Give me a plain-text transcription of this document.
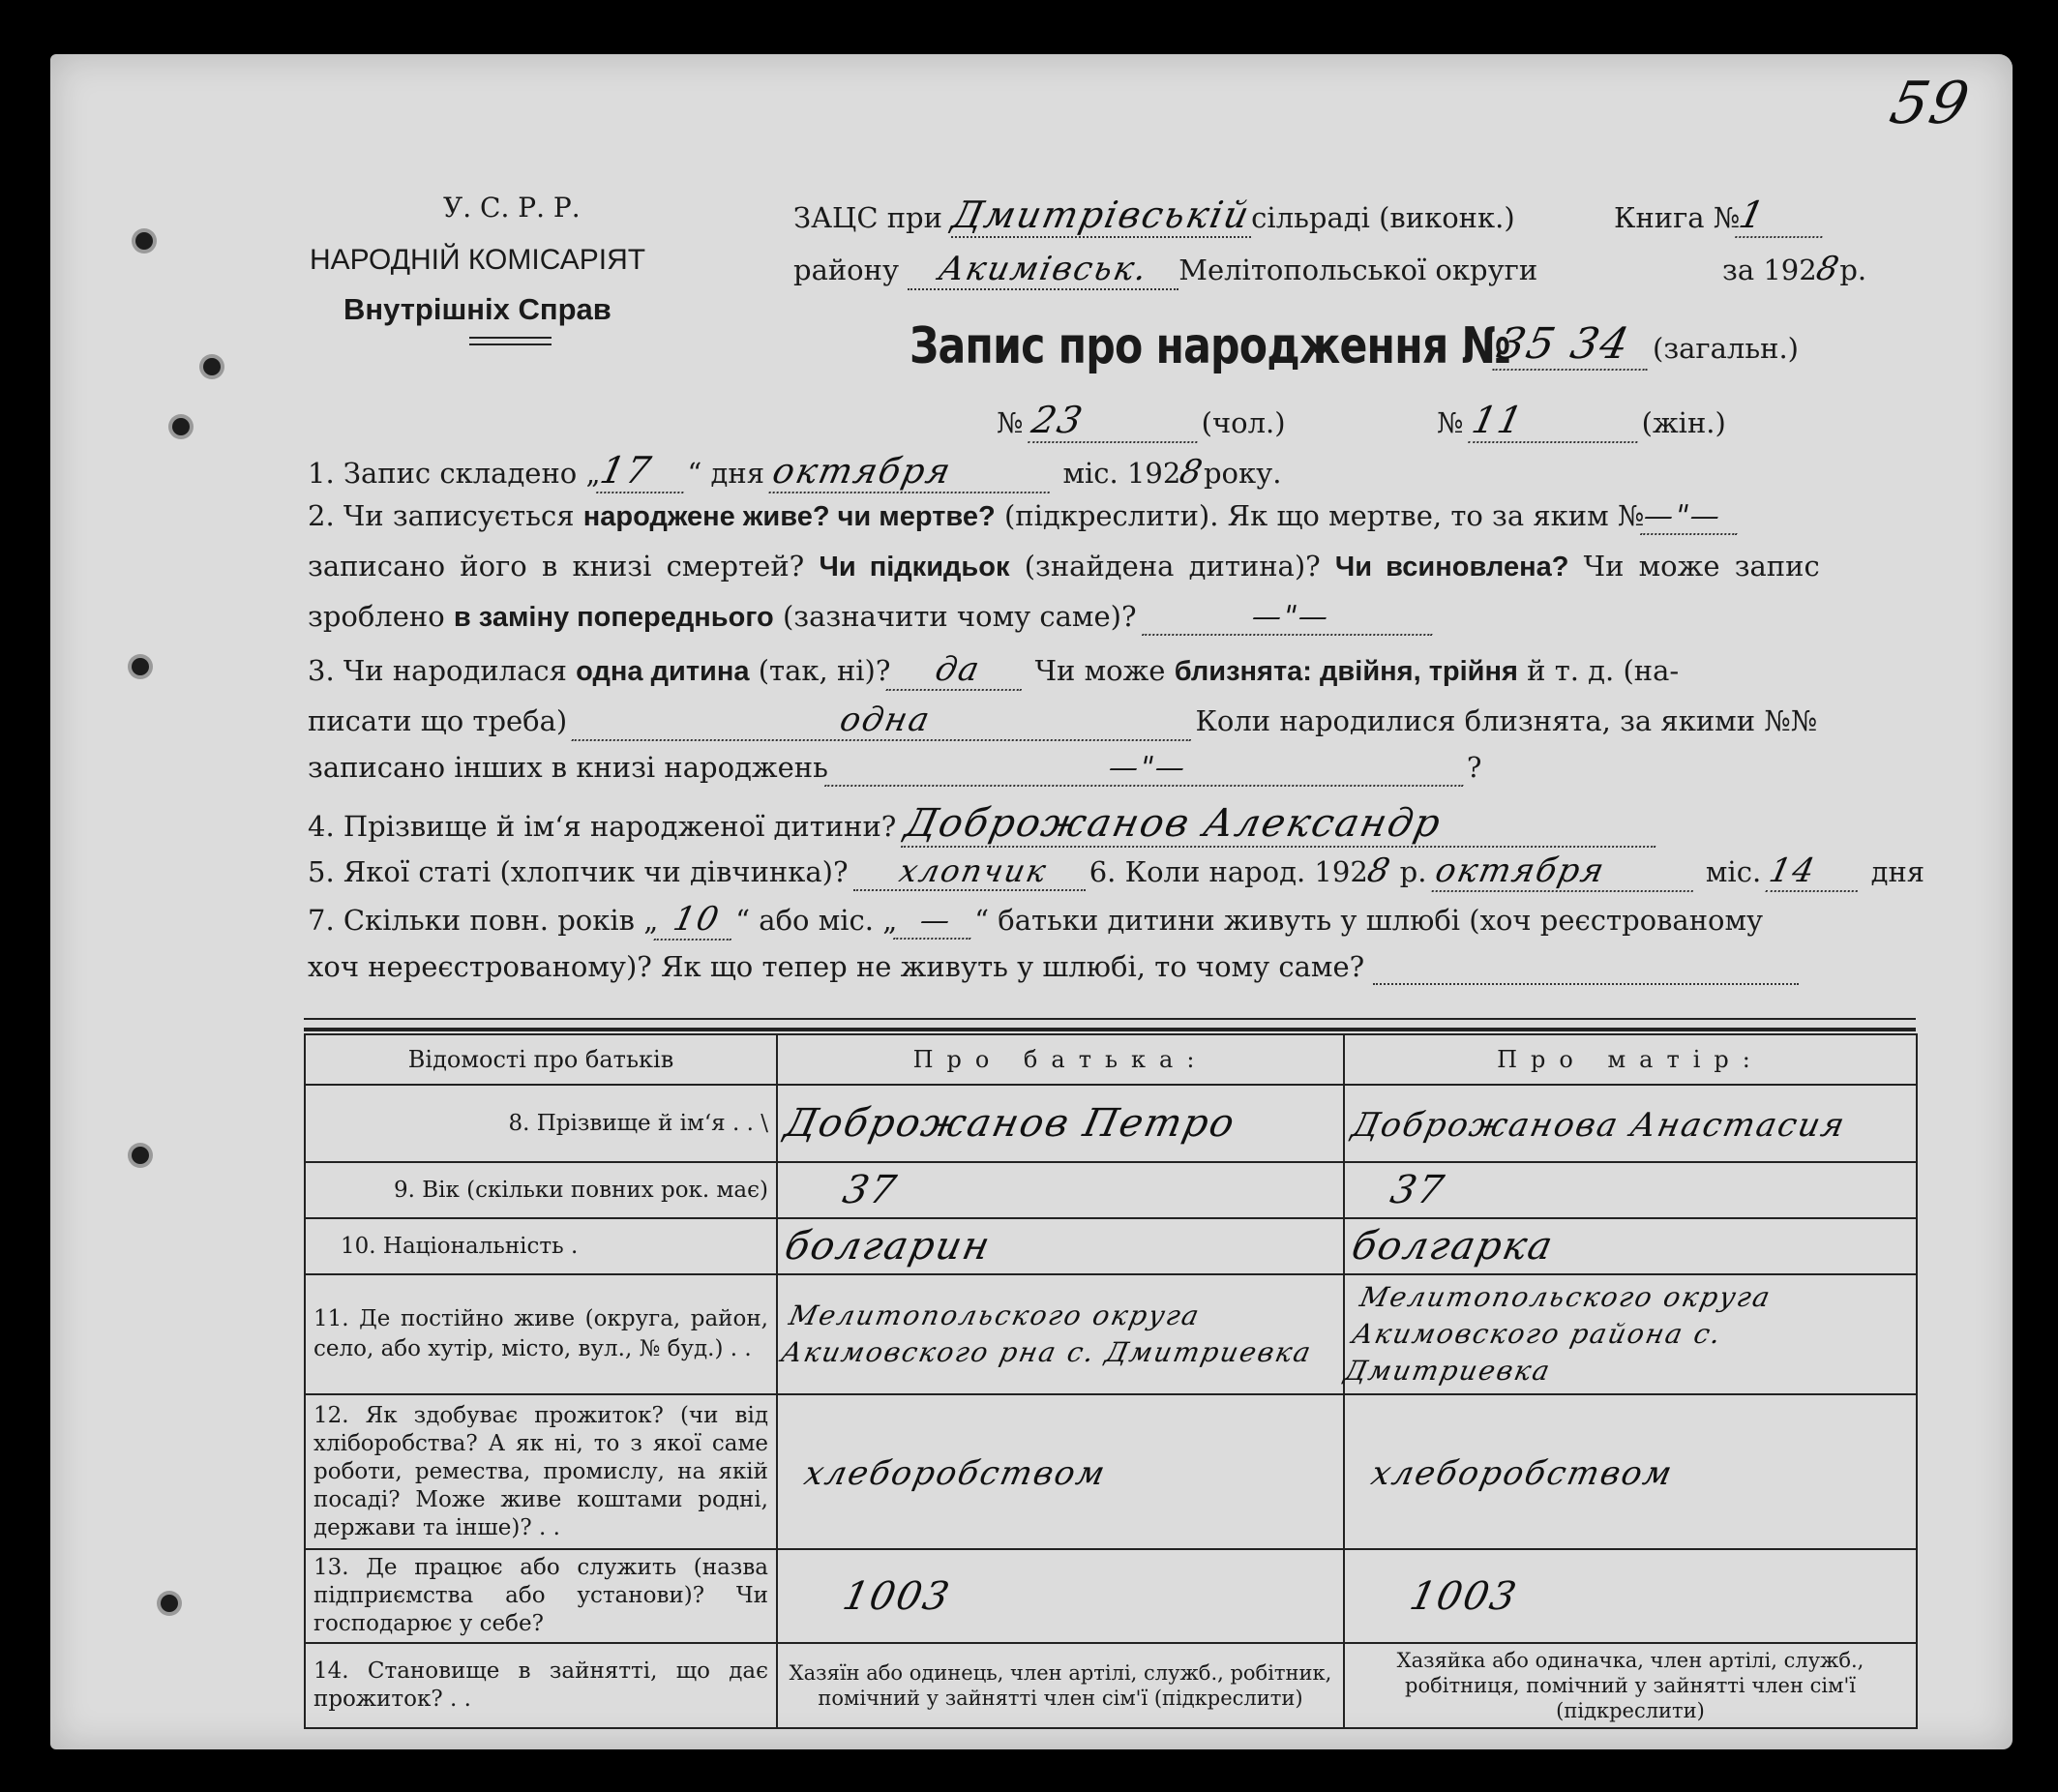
59
У. С. Р. Р.
НАРОДНІЙ КОМІСАРІЯТ
Внутрішніх Справ
ЗАЦС при Дмитрівськійсільраді (виконк.)	Книга №1
району Акимівськ. Мелітопольської округи	за 1928р.
Запис про народження №
35 34 (загальн.)
№ 23	(чол.)	№ 11	(жін.)
1. Запис складено „17 “ дня октября	міс. 1928року.
2. Чи записується народжене живе? чи мертве? (підкреслити). Як що мертве, то за яким №—"—
записано його в книзі смертей? Чи підкидьок (знайдена дитина)? Чи всиновлена? Чи може запис
зроблено в заміну попереднього (зазначити чому саме)?	—"—
3. Чи народилася одна дитина (так, ні)? да Чи може близнята: двійня, трійня й т. д. (на-
писати що треба)	одна	Коли народилися близнята, за якими №№
записано інших в книзі народжень	—"—	?
4. Прізвище й ім‘я народженої дитини? Доброжанов Александр
5. Якої статі (хлопчик чи дівчинка)? хлопчик 6. Коли народ. 1928 р. октября	міс. 14 дня
7. Скільки повн. років „ 10 “ або міс. „ — “ батьки дитини живуть у шлюбі (хоч реєстрованому
хоч нереєстрованому)? Як що тепер не живуть у шлюбі, то чому саме?
Відомості про батьків	Про батька:	Про матір:
8. Прізвище й ім‘я . . \	Доброжанов Петро	Доброжанова Анастасия
9. Вік (скільки повних рок. має)	37	37
10. Національність .	болгарин	болгарка
11. Де постійно живе (округа, район, село, або хутір, місто, вул., № буд.) . .	Мелитопольского округа Акимовского рна с. Дмитриевка	Мелитопольского округа Акимовского района с. Дмитриевка
12. Як здобуває прожиток? (чи від хліборобства? А як ні, то з якої саме роботи, ремества, промислу, на якій посаді? Може живе коштами родні, держави та інше)? . .	хлеборобством	хлеборобством
13. Де працює або служить (назва підприємства або установи)? Чи господарює у себе?	1003	1003
14. Становище в зайнятті, що дає прожиток? . .	Хазяїн або одинець, член артілі, служб., робітник, помічний у зайнятті член сім'ї (підкреслити)	Хазяйка або одиначка, член артілі, служб., робітниця, помічний у зайнятті член сім'ї (підкреслити)
